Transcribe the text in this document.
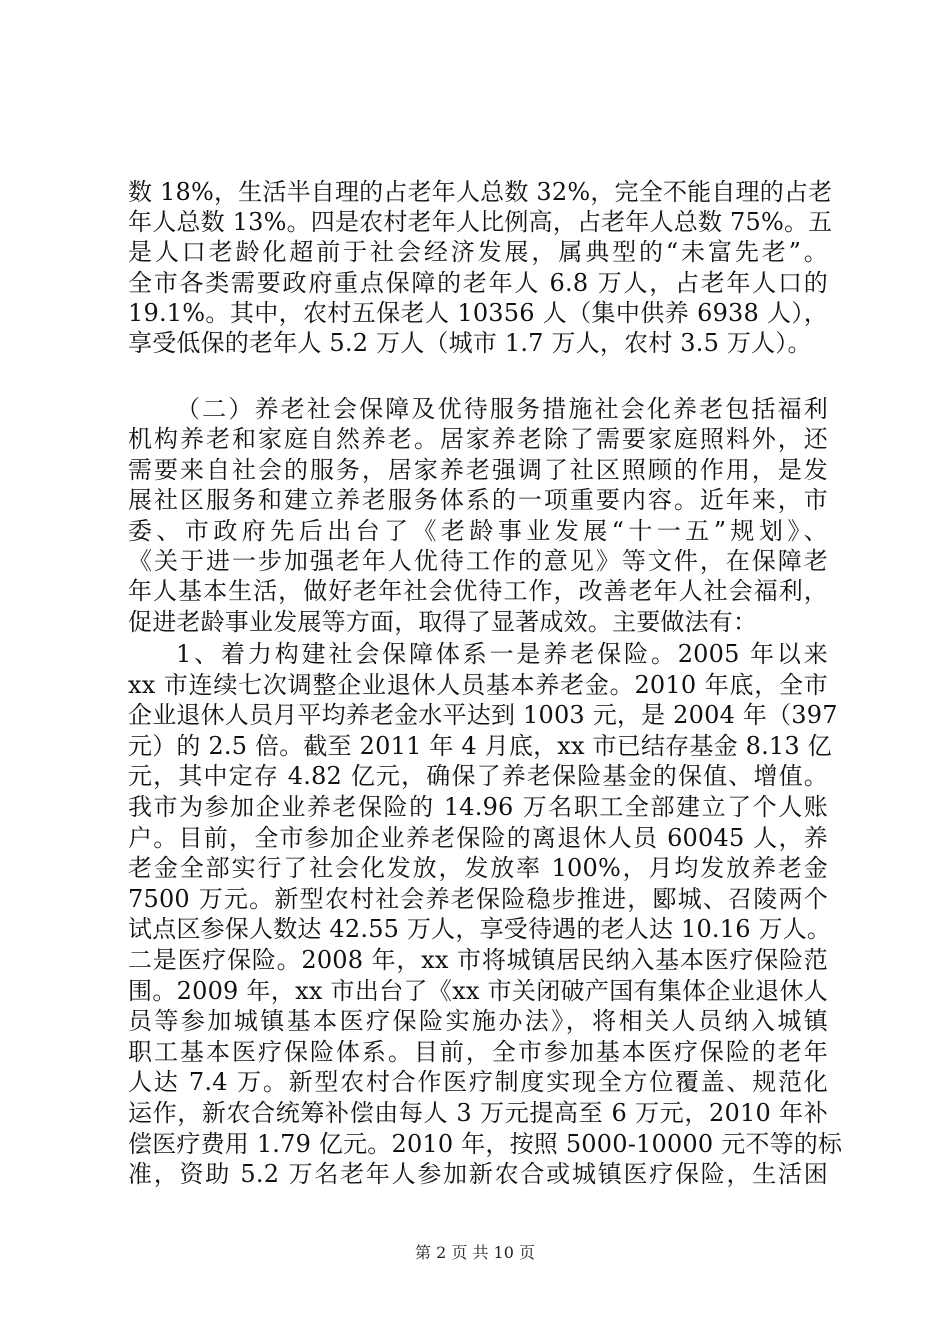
数 18%，生活半自理的占老年人总数 32%，完全不能自理的占老
年人总数 13%。四是农村老年人比例高，占老年人总数 75%。五
是人口老龄化超前于社会经济发展，属典型的“未富先老”。
全市各类需要政府重点保障的老年人 6.8 万人，占老年人口的
19.1%。其中，农村五保老人 10356 人（集中供养 6938 人），
享受低保的老年人 5.2 万人（城市 1.7 万人，农村 3.5 万人）。
（二）养老社会保障及优待服务措施社会化养老包括福利
机构养老和家庭自然养老。居家养老除了需要家庭照料外，还
需要来自社会的服务，居家养老强调了社区照顾的作用，是发
展社区服务和建立养老服务体系的一项重要内容。近年来，市
委、市政府先后出台了《老龄事业发展“十一五”规划》、
《关于进一步加强老年人优待工作的意见》等文件，在保障老
年人基本生活，做好老年社会优待工作，改善老年人社会福利，
促进老龄事业发展等方面，取得了显著成效。主要做法有：
1、着力构建社会保障体系一是养老保险。2005 年以来
xx 市连续七次调整企业退休人员基本养老金。2010 年底，全市
企业退休人员月平均养老金水平达到 1003 元，是 2004 年（397
元）的 2.5 倍。截至 2011 年 4 月底，xx 市已结存基金 8.13 亿
元，其中定存 4.82 亿元，确保了养老保险基金的保值、增值。
我市为参加企业养老保险的 14.96 万名职工全部建立了个人账
户。目前，全市参加企业养老保险的离退休人员 60045 人，养
老金全部实行了社会化发放，发放率 100%，月均发放养老金
7500 万元。新型农村社会养老保险稳步推进，郾城、召陵两个
试点区参保人数达 42.55 万人，享受待遇的老人达 10.16 万人。
二是医疗保险。2008 年，xx 市将城镇居民纳入基本医疗保险范
围。2009 年，xx 市出台了《xx 市关闭破产国有集体企业退休人
员等参加城镇基本医疗保险实施办法》，将相关人员纳入城镇
职工基本医疗保险体系。目前，全市参加基本医疗保险的老年
人达 7.4 万。新型农村合作医疗制度实现全方位覆盖、规范化
运作，新农合统筹补偿由每人 3 万元提高至 6 万元，2010 年补
偿医疗费用 1.79 亿元。2010 年，按照 5000-10000 元不等的标
准，资助 5.2 万名老年人参加新农合或城镇医疗保险，生活困
第 2 页 共 10 页
